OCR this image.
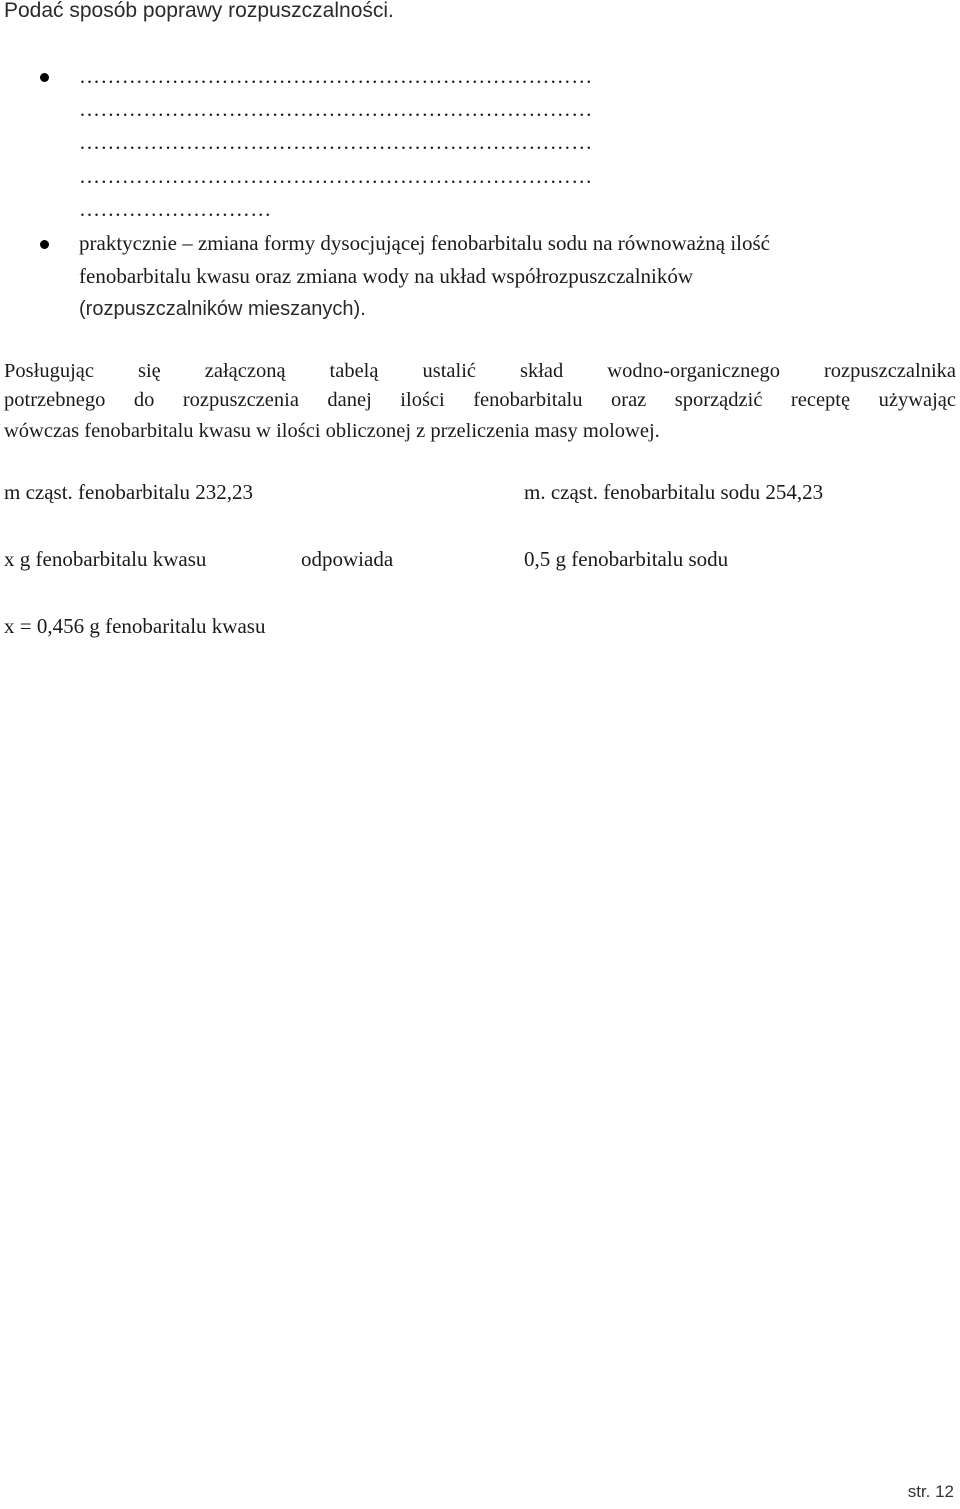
Podać sposób poprawy rozpuszczalności.
………………………………………………………………
………………………………………………………………
………………………………………………………………
………………………………………………………………
………………………
praktycznie – zmiana formy dysocjującej fenobarbitalu sodu na równoważną ilość
fenobarbitalu kwasu oraz zmiana wody na układ współrozpuszczalników
(rozpuszczalników mieszanych).
Posługując się załączoną tabelą ustalić skład wodno-organicznego rozpuszczalnika
potrzebnego do rozpuszczenia danej ilości fenobarbitalu oraz sporządzić receptę używając
wówczas fenobarbitalu kwasu w ilości obliczonej z przeliczenia masy molowej.
m cząst. fenobarbitalu 232,23	m. cząst. fenobarbitalu sodu 254,23
x g fenobarbitalu kwasu	odpowiada	0,5 g fenobarbitalu sodu
x = 0,456 g fenobaritalu kwasu
str. 12
